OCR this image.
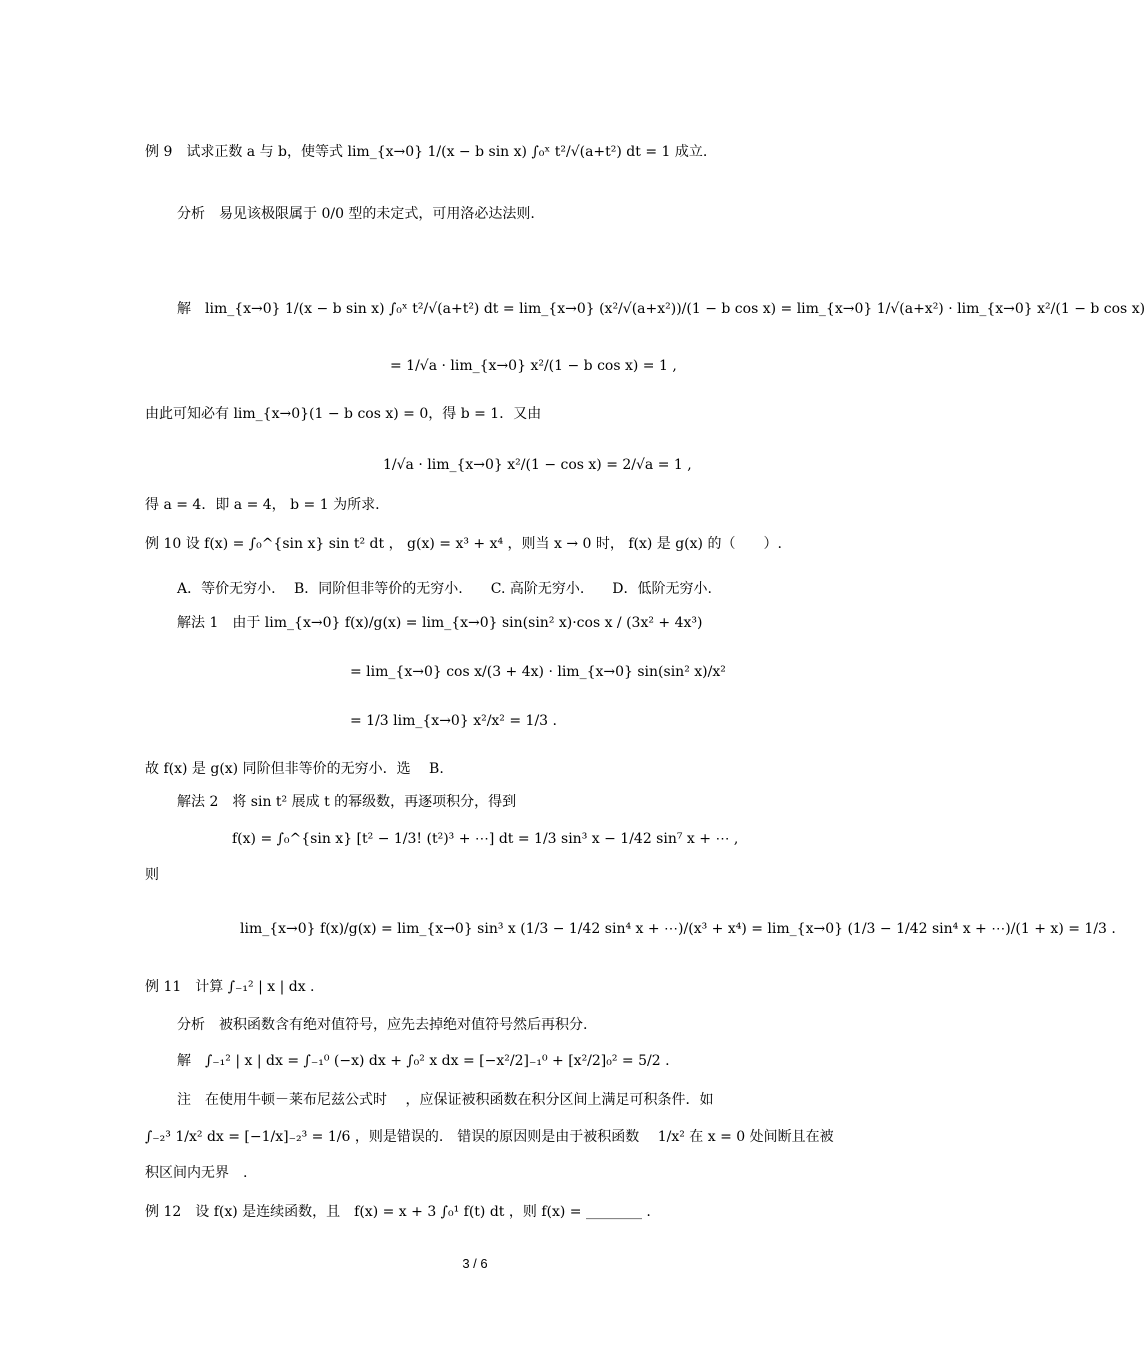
例 9　试求正数 a 与 b，使等式 lim_{x→0} 1/(x − b sin x) ∫₀ˣ t²/√(a+t²) dt = 1 成立.
分析　易见该极限属于 0/0 型的未定式，可用洛必达法则.
解　lim_{x→0} 1/(x − b sin x) ∫₀ˣ t²/√(a+t²) dt = lim_{x→0} (x²/√(a+x²))/(1 − b cos x) = lim_{x→0} 1/√(a+x²) · lim_{x→0} x²/(1 − b cos x)
= 1/√a · lim_{x→0} x²/(1 − b cos x) = 1 ,
由此可知必有 lim_{x→0}(1 − b cos x) = 0，得 b = 1．又由
1/√a · lim_{x→0} x²/(1 − cos x) = 2/√a = 1 ,
得 a = 4．即 a = 4， b = 1 为所求.
例 10 设 f(x) = ∫₀^{sin x} sin t² dt ， g(x) = x³ + x⁴ ，则当 x → 0 时， f(x) 是 g(x) 的（　　）.
A．等价无穷小.　 B．同阶但非等价的无穷小.　　C. 高阶无穷小.　　D．低阶无穷小.
解法 1　由于 lim_{x→0} f(x)/g(x) = lim_{x→0} sin(sin² x)·cos x / (3x² + 4x³)
= lim_{x→0} cos x/(3 + 4x) · lim_{x→0} sin(sin² x)/x²
= 1/3 lim_{x→0} x²/x² = 1/3 .
故 f(x) 是 g(x) 同阶但非等价的无穷小．选　 B.
解法 2　将 sin t² 展成 t 的幂级数，再逐项积分，得到
f(x) = ∫₀^{sin x} [t² − 1/3! (t²)³ + ⋯] dt = 1/3 sin³ x − 1/42 sin⁷ x + ⋯ ,
则
lim_{x→0} f(x)/g(x) = lim_{x→0} sin³ x (1/3 − 1/42 sin⁴ x + ⋯)/(x³ + x⁴) = lim_{x→0} (1/3 − 1/42 sin⁴ x + ⋯)/(1 + x) = 1/3 .
例 11　计算 ∫₋₁² | x | dx .
分析　被积函数含有绝对值符号，应先去掉绝对值符号然后再积分.
解　∫₋₁² | x | dx = ∫₋₁⁰ (−x) dx + ∫₀² x dx = [−x²/2]₋₁⁰ + [x²/2]₀² = 5/2 .
注　在使用牛顿－莱布尼兹公式时　 ，应保证被积函数在积分区间上满足可积条件．如
∫₋₂³ 1/x² dx = [−1/x]₋₂³ = 1/6 ，则是错误的.　错误的原因则是由于被积函数　 1/x² 在 x = 0 处间断且在被
积区间内无界　.
例 12　设 f(x) 是连续函数，且　f(x) = x + 3 ∫₀¹ f(t) dt ，则 f(x) = ________ .
3 / 6
